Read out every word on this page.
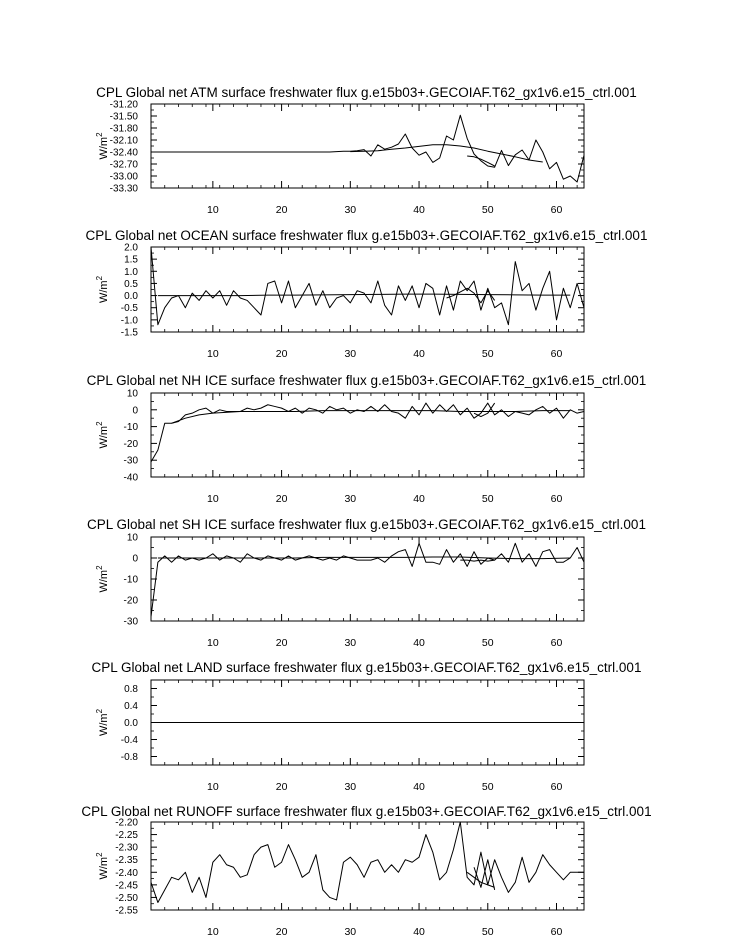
CPL Global net ATM surface freshwater flux g.e15b03+.GECOIAF.T62_gx1v6.e15_ctrl.001
10	20	30	40	50	60
-31.20
-31.50
-31.80
-32.10
-32.40
-32.70
-33.00
-33.30
$W/m^2$
CPL Global net OCEAN surface freshwater flux g.e15b03+.GECOIAF.T62_gx1v6.e15_ctrl.001
10	20	30	40	50	60
2.0
1.5
1.0
0.5
0.0
-0.5
-1.0
-1.5
$W/m^2$
CPL Global net NH ICE surface freshwater flux g.e15b03+.GECOIAF.T62_gx1v6.e15_ctrl.001
10	20	30	40	50	60
10
0
-10
-20
-30
-40
$W/m^2$
CPL Global net SH ICE surface freshwater flux g.e15b03+.GECOIAF.T62_gx1v6.e15_ctrl.001
10	20	30	40	50	60
10
0
-10
-20
-30
$W/m^2$
CPL Global net LAND surface freshwater flux g.e15b03+.GECOIAF.T62_gx1v6.e15_ctrl.001
10	20	30	40	50	60
0.8
0.4
0.0
-0.4
-0.8
$W/m^2$
CPL Global net RUNOFF surface freshwater flux g.e15b03+.GECOIAF.T62_gx1v6.e15_ctrl.001
10	20	30	40	50	60
-2.20
-2.25
-2.30
-2.35
-2.40
-2.45
-2.50
-2.55
$W/m^2$
